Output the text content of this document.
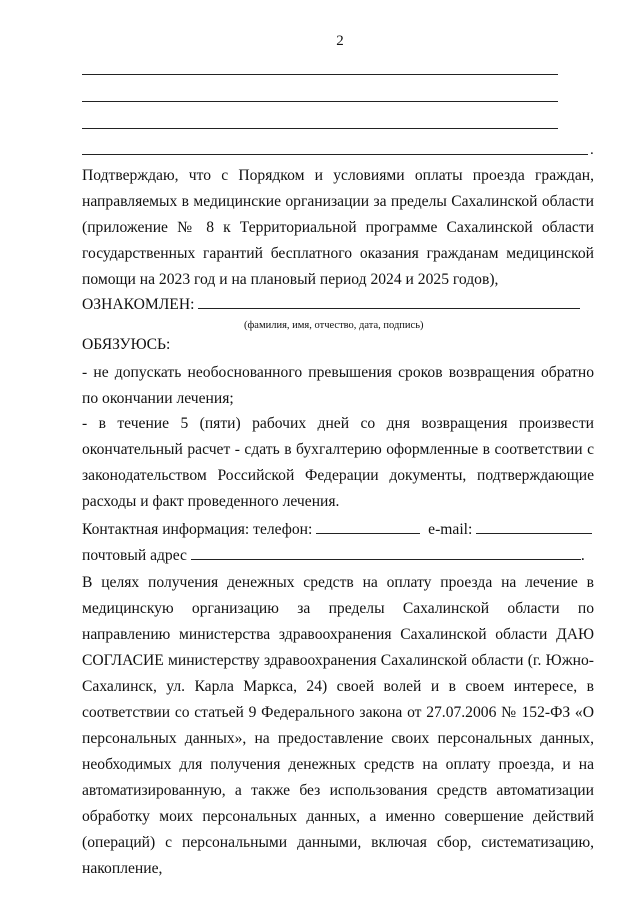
2
.
Подтверждаю, что с Порядком и условиями оплаты проезда граждан, направляемых в медицинские организации за пределы Сахалинской области (приложение № 8 к Территориальной программе Сахалинской области государственных гарантий бесплатного оказания гражданам медицинской помощи на 2023 год и на плановый период 2024 и 2025 годов),
ОЗНАКОМЛЕН:
(фамилия, имя, отчество, дата, подпись)
ОБЯЗУЮСЬ:
- не допускать необоснованного превышения сроков возвращения обратно по окончании лечения;
- в течение 5 (пяти) рабочих дней со дня возвращения произвести окончательный расчет - сдать в бухгалтерию оформленные в соответствии с законодательством Российской Федерации документы, подтверждающие расходы и факт проведенного лечения.
Контактная информация: телефон:	e-mail:
почтовый адрес	.
В целях получения денежных средств на оплату проезда на лечение в медицинскую организацию за пределы Сахалинской области по направлению министерства здравоохранения Сахалинской области ДАЮ СОГЛАСИЕ министерству здравоохранения Сахалинской области (г. Южно-Сахалинск, ул. Карла Маркса, 24) своей волей и в своем интересе, в соответствии со статьей 9 Федерального закона от 27.07.2006 № 152-ФЗ «О персональных данных», на предоставление своих персональных данных, необходимых для получения денежных средств на оплату проезда, и на автоматизированную, а также без использования средств автоматизации обработку моих персональных данных, а именно совершение действий (операций) с персональными данными, включая сбор, систематизацию, накопление,
